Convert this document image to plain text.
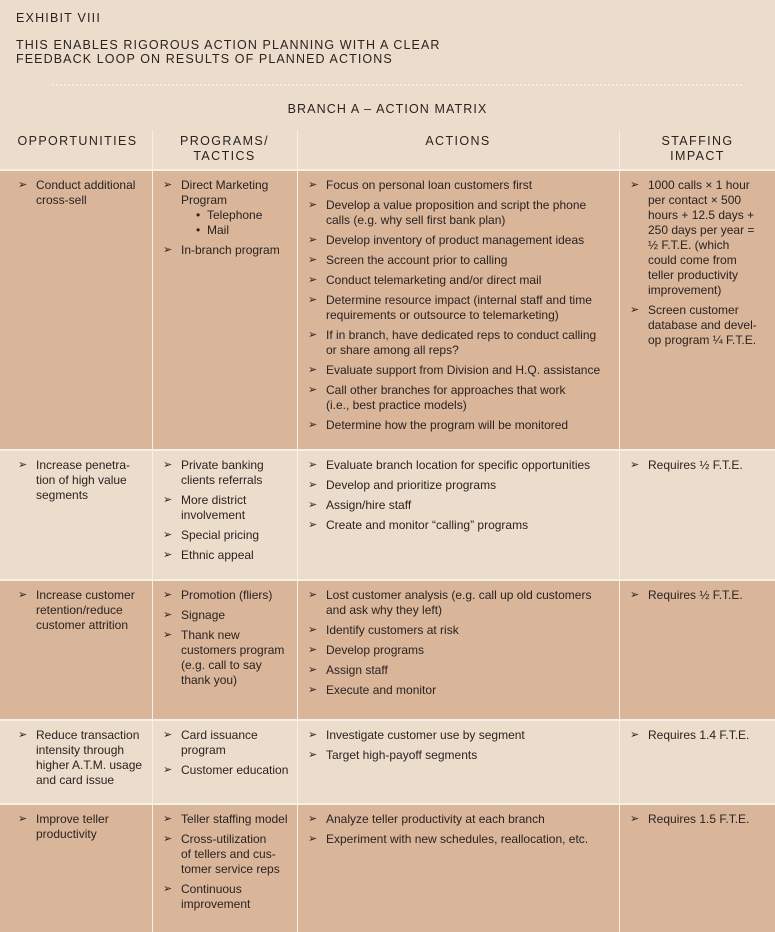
EXHIBIT VIII
THIS ENABLES RIGOROUS ACTION PLANNING WITH A CLEAR
FEEDBACK LOOP ON RESULTS OF PLANNED ACTIONS
BRANCH A – ACTION MATRIX
➢ Conduct additional
cross-sell
➢ Direct Marketing
Program
• Telephone
• Mail
➢ In-branch program
➢ Focus on personal loan customers first
➢ Develop a value proposition and script the phone
calls (e.g. why sell first bank plan)
➢ Develop inventory of product management ideas
➢ Screen the account prior to calling
➢ Conduct telemarketing and/or direct mail
➢ Determine resource impact (internal staff and time
requirements or outsource to telemarketing)
➢ If in branch, have dedicated reps to conduct calling
or share among all reps?
➢ Evaluate support from Division and H.Q. assistance
➢ Call other branches for approaches that work
(i.e., best practice models)
➢ Determine how the program will be monitored
➢ 1000 calls × 1 hour
per contact × 500
hours + 12.5 days +
250 days per year =
½ F.T.E. (which
could come from
teller productivity
improvement)
➢ Screen customer
database and devel-
op program ¼ F.T.E.
➢ Increase penetra-
tion of high value
segments
➢ Private banking
clients referrals
➢ More district
involvement
➢ Special pricing
➢ Ethnic appeal
➢ Evaluate branch location for specific opportunities
➢ Develop and prioritize programs
➢ Assign/hire staff
➢ Create and monitor “calling” programs
➢ Requires ½ F.T.E.
➢ Increase customer
retention/reduce
customer attrition
➢ Promotion (fliers)
➢ Signage
➢ Thank new
customers program
(e.g. call to say
thank you)
➢ Lost customer analysis (e.g. call up old customers
and ask why they left)
➢ Identify customers at risk
➢ Develop programs
➢ Assign staff
➢ Execute and monitor
➢ Requires ½ F.T.E.
➢ Reduce transaction
intensity through
higher A.T.M. usage
and card issue
➢ Card issuance
program
➢ Customer education
➢ Investigate customer use by segment
➢ Target high-payoff segments
➢ Requires 1.4 F.T.E.
➢ Improve teller
productivity
➢ Teller staffing model
➢ Cross-utilization
of tellers and cus-
tomer service reps
➢ Continuous
improvement
➢ Analyze teller productivity at each branch
➢ Experiment with new schedules, reallocation, etc.
➢ Requires 1.5 F.T.E.
OPPORTUNITIES	PROGRAMS/
TACTICS
ACTIONS	STAFFING
IMPACT
